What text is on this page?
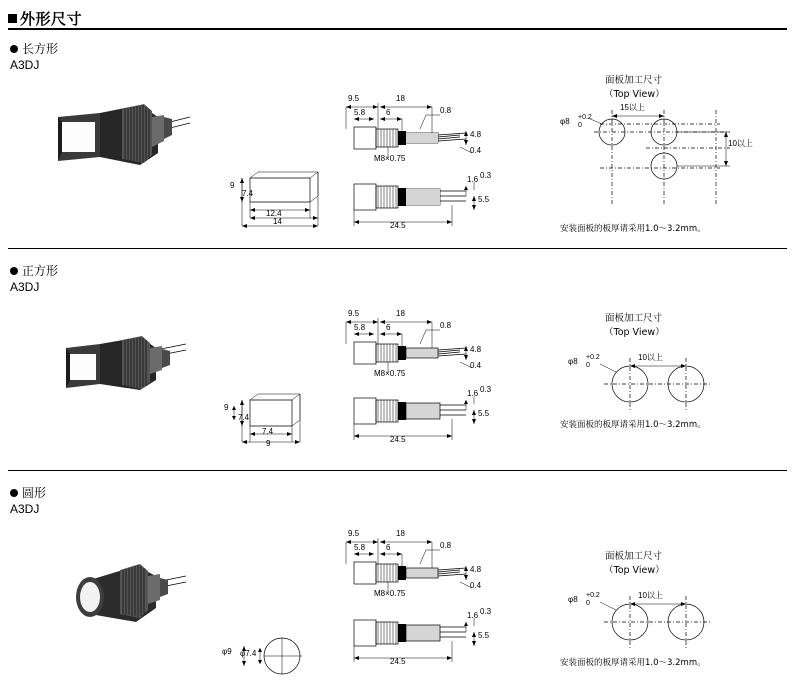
外形尺寸
长方形
A3DJ
9
7.4
12.4
14
9.5	18
5.8	6	0.8
4.8
0.4
M8×0.75
1.6 0.3
5.5
24.5
面板加工尺寸
（Top View）
φ8 +0.2
0
15以上
10以上
安装面板的板厚请采用1.0～3.2mm。
正方形
A3DJ
9
7.4
7.4
9
9.5	18
5.8	6	0.8
4.8
0.4
M8×0.75
1.6 0.3
5.5
24.5
面板加工尺寸
（Top View）
φ8 +0.2
0
10以上
安装面板的板厚请采用1.0～3.2mm。
圆形
A3DJ
φ9 φ7.4
9.5	18
5.8	6	0.8
4.8
0.4
M8×0.75
1.6 0.3
5.5
24.5
面板加工尺寸
（Top View）
φ8 +0.2
0
10以上
安装面板的板厚请采用1.0～3.2mm。
